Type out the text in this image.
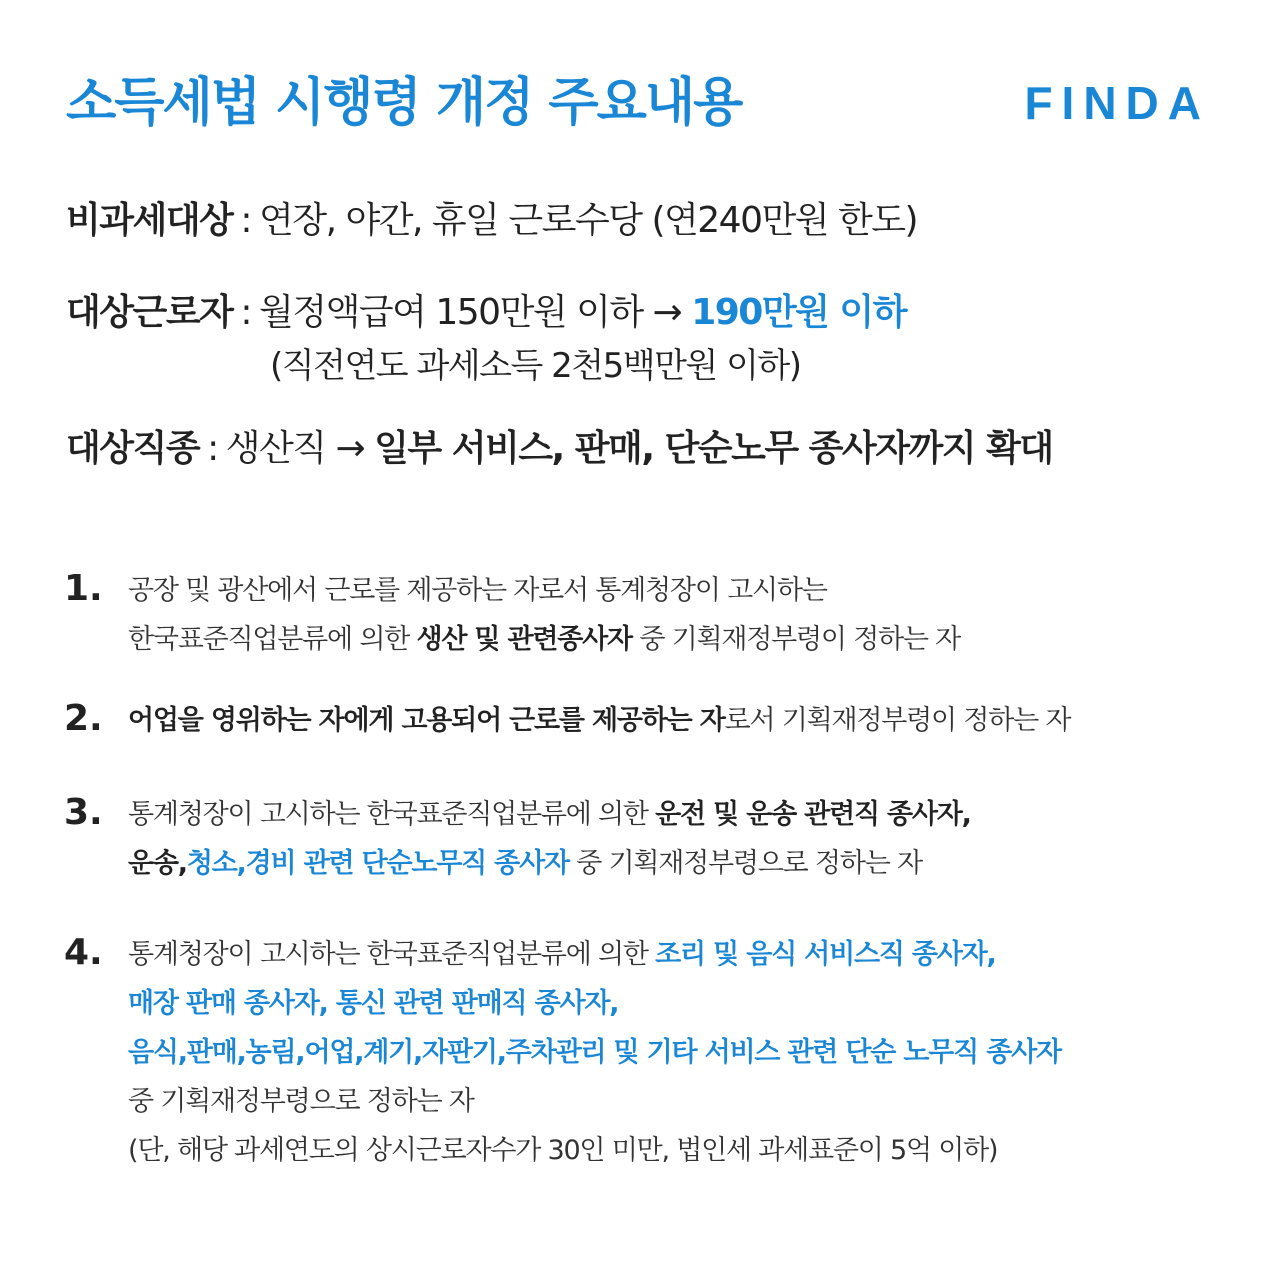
소득세법 시행령 개정 주요내용	FINDA
비과세대상 : 연장, 야간, 휴일 근로수당 (연240만원 한도)
대상근로자 : 월정액급여 150만원 이하 → 190만원 이하
(직전연도 과세소득 2천5백만원 이하)
대상직종 : 생산직 → 일부 서비스, 판매, 단순노무 종사자까지 확대
1. 공장 및 광산에서 근로를 제공하는 자로서 통계청장이 고시하는
한국표준직업분류에 의한 생산 및 관련종사자 중 기획재정부령이 정하는 자
2. 어업을 영위하는 자에게 고용되어 근로를 제공하는 자로서 기획재정부령이 정하는 자
3. 통계청장이 고시하는 한국표준직업분류에 의한 운전 및 운송 관련직 종사자,
운송,청소,경비 관련 단순노무직 종사자 중 기획재정부령으로 정하는 자
4. 통계청장이 고시하는 한국표준직업분류에 의한 조리 및 음식 서비스직 종사자,
매장 판매 종사자, 통신 관련 판매직 종사자,
음식,판매,농림,어업,계기,자판기,주차관리 및 기타 서비스 관련 단순 노무직 종사자
중 기획재정부령으로 정하는 자
(단, 해당 과세연도의 상시근로자수가 30인 미만, 법인세 과세표준이 5억 이하)
